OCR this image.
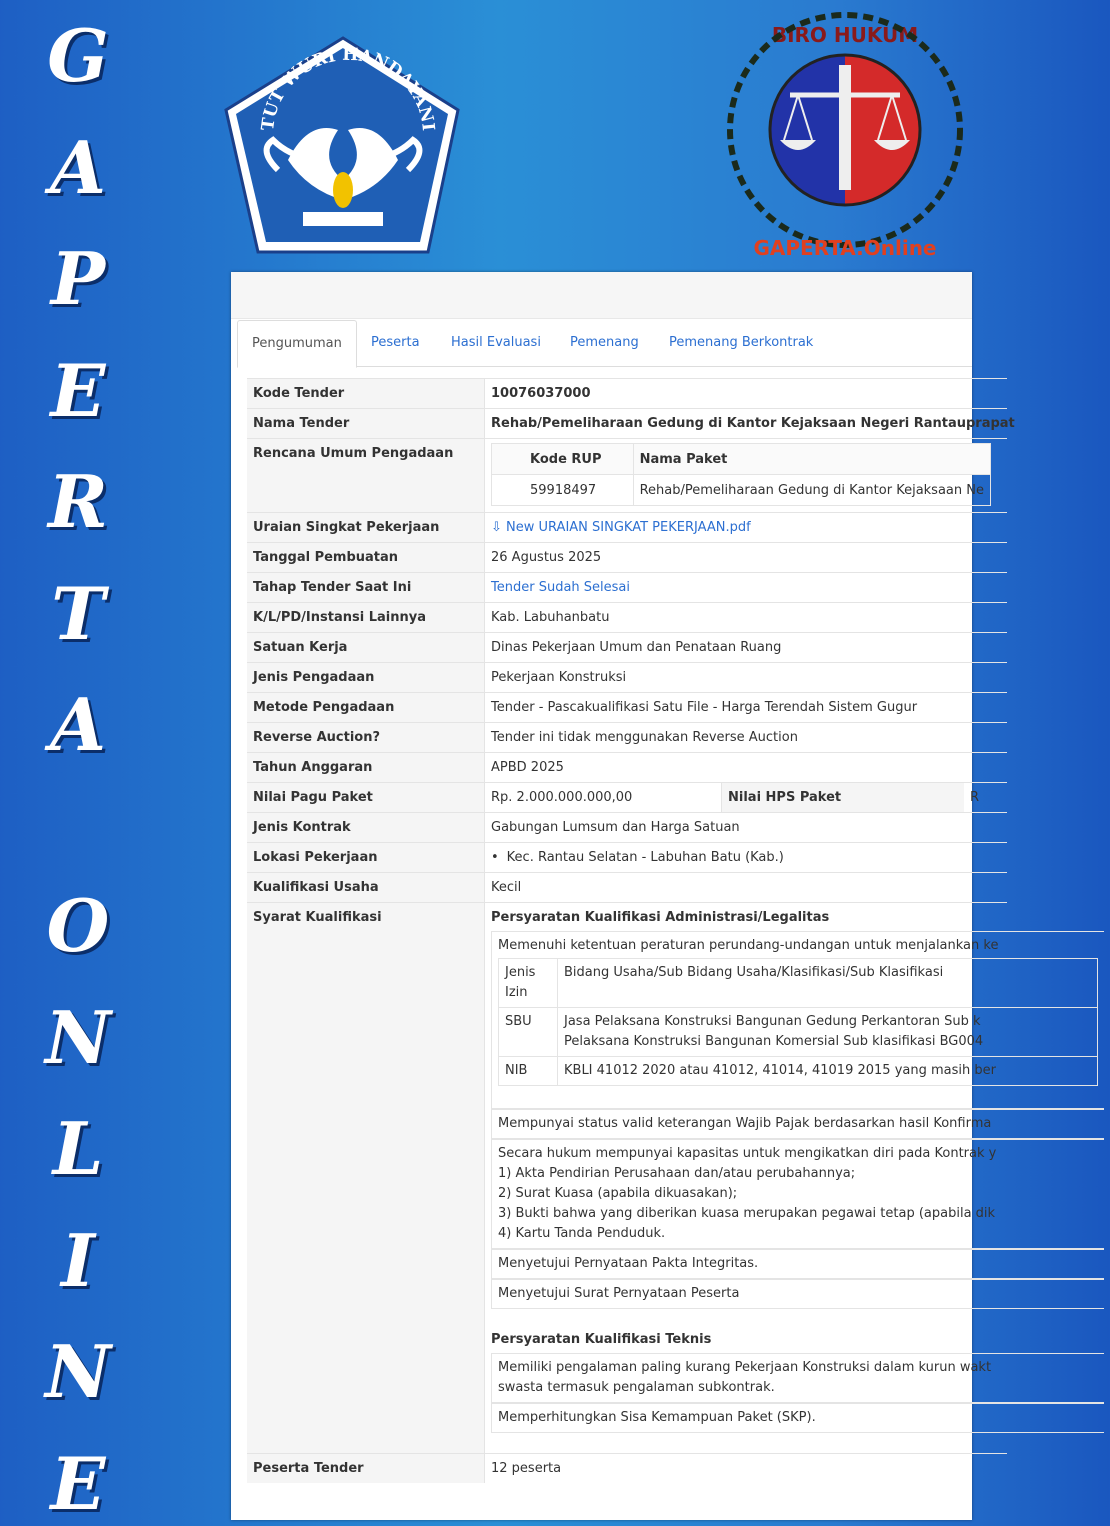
G
A
P
E
R
T
A
O
N
L
I
N
E
TUT WURI HANDAYANI
BIRO HUKUM
GAPERTA.Online
Pengumuman	Peserta Hasil Evaluasi Pemenang Pemenang Berkontrak
Kode Tender	10076037000
Nama Tender	Rehab/Pemeliharaan Gedung di Kantor Kejaksaan Negeri Rantauprapat
Rencana Umum Pengadaan	Kode RUP	Nama Paket
59918497	Rehab/Pemeliharaan Gedung di Kantor Kejaksaan Ne
Uraian Singkat Pekerjaan	⇩ New URAIAN SINGKAT PEKERJAAN.pdf
Tanggal Pembuatan	26 Agustus 2025
Tahap Tender Saat Ini	Tender Sudah Selesai
K/L/PD/Instansi Lainnya	Kab. Labuhanbatu
Satuan Kerja	Dinas Pekerjaan Umum dan Penataan Ruang
Jenis Pengadaan	Pekerjaan Konstruksi
Metode Pengadaan	Tender - Pascakualifikasi Satu File - Harga Terendah Sistem Gugur
Reverse Auction?	Tender ini tidak menggunakan Reverse Auction
Tahun Anggaran	APBD 2025
Nilai Pagu Paket	Rp. 2.000.000.000,00	Nilai HPS Paket	R
Jenis Kontrak	Gabungan Lumsum dan Harga Satuan
Lokasi Pekerjaan	• Kec. Rantau Selatan - Labuhan Batu (Kab.)
Kualifikasi Usaha	Kecil
Syarat Kualifikasi	Persyaratan Kualifikasi Administrasi/Legalitas
Memenuhi ketentuan peraturan perundang-undangan untuk menjalankan ke
Jenis
Izin	Bidang Usaha/Sub Bidang Usaha/Klasifikasi/Sub Klasifikasi
SBU	Jasa Pelaksana Konstruksi Bangunan Gedung Perkantoran Sub k
Pelaksana Konstruksi Bangunan Komersial Sub klasifikasi BG004
NIB	KBLI 41012 2020 atau 41012, 41014, 41019 2015 yang masih ber
Mempunyai status valid keterangan Wajib Pajak berdasarkan hasil Konfirma
Secara hukum mempunyai kapasitas untuk mengikatkan diri pada Kontrak y
1) Akta Pendirian Perusahaan dan/atau perubahannya;
2) Surat Kuasa (apabila dikuasakan);
3) Bukti bahwa yang diberikan kuasa merupakan pegawai tetap (apabila dik
4) Kartu Tanda Penduduk.
Menyetujui Pernyataan Pakta Integritas.
Menyetujui Surat Pernyataan Peserta
Persyaratan Kualifikasi Teknis
Memiliki pengalaman paling kurang Pekerjaan Konstruksi dalam kurun wakt
swasta termasuk pengalaman subkontrak.
Memperhitungkan Sisa Kemampuan Paket (SKP).
Peserta Tender	12 peserta
